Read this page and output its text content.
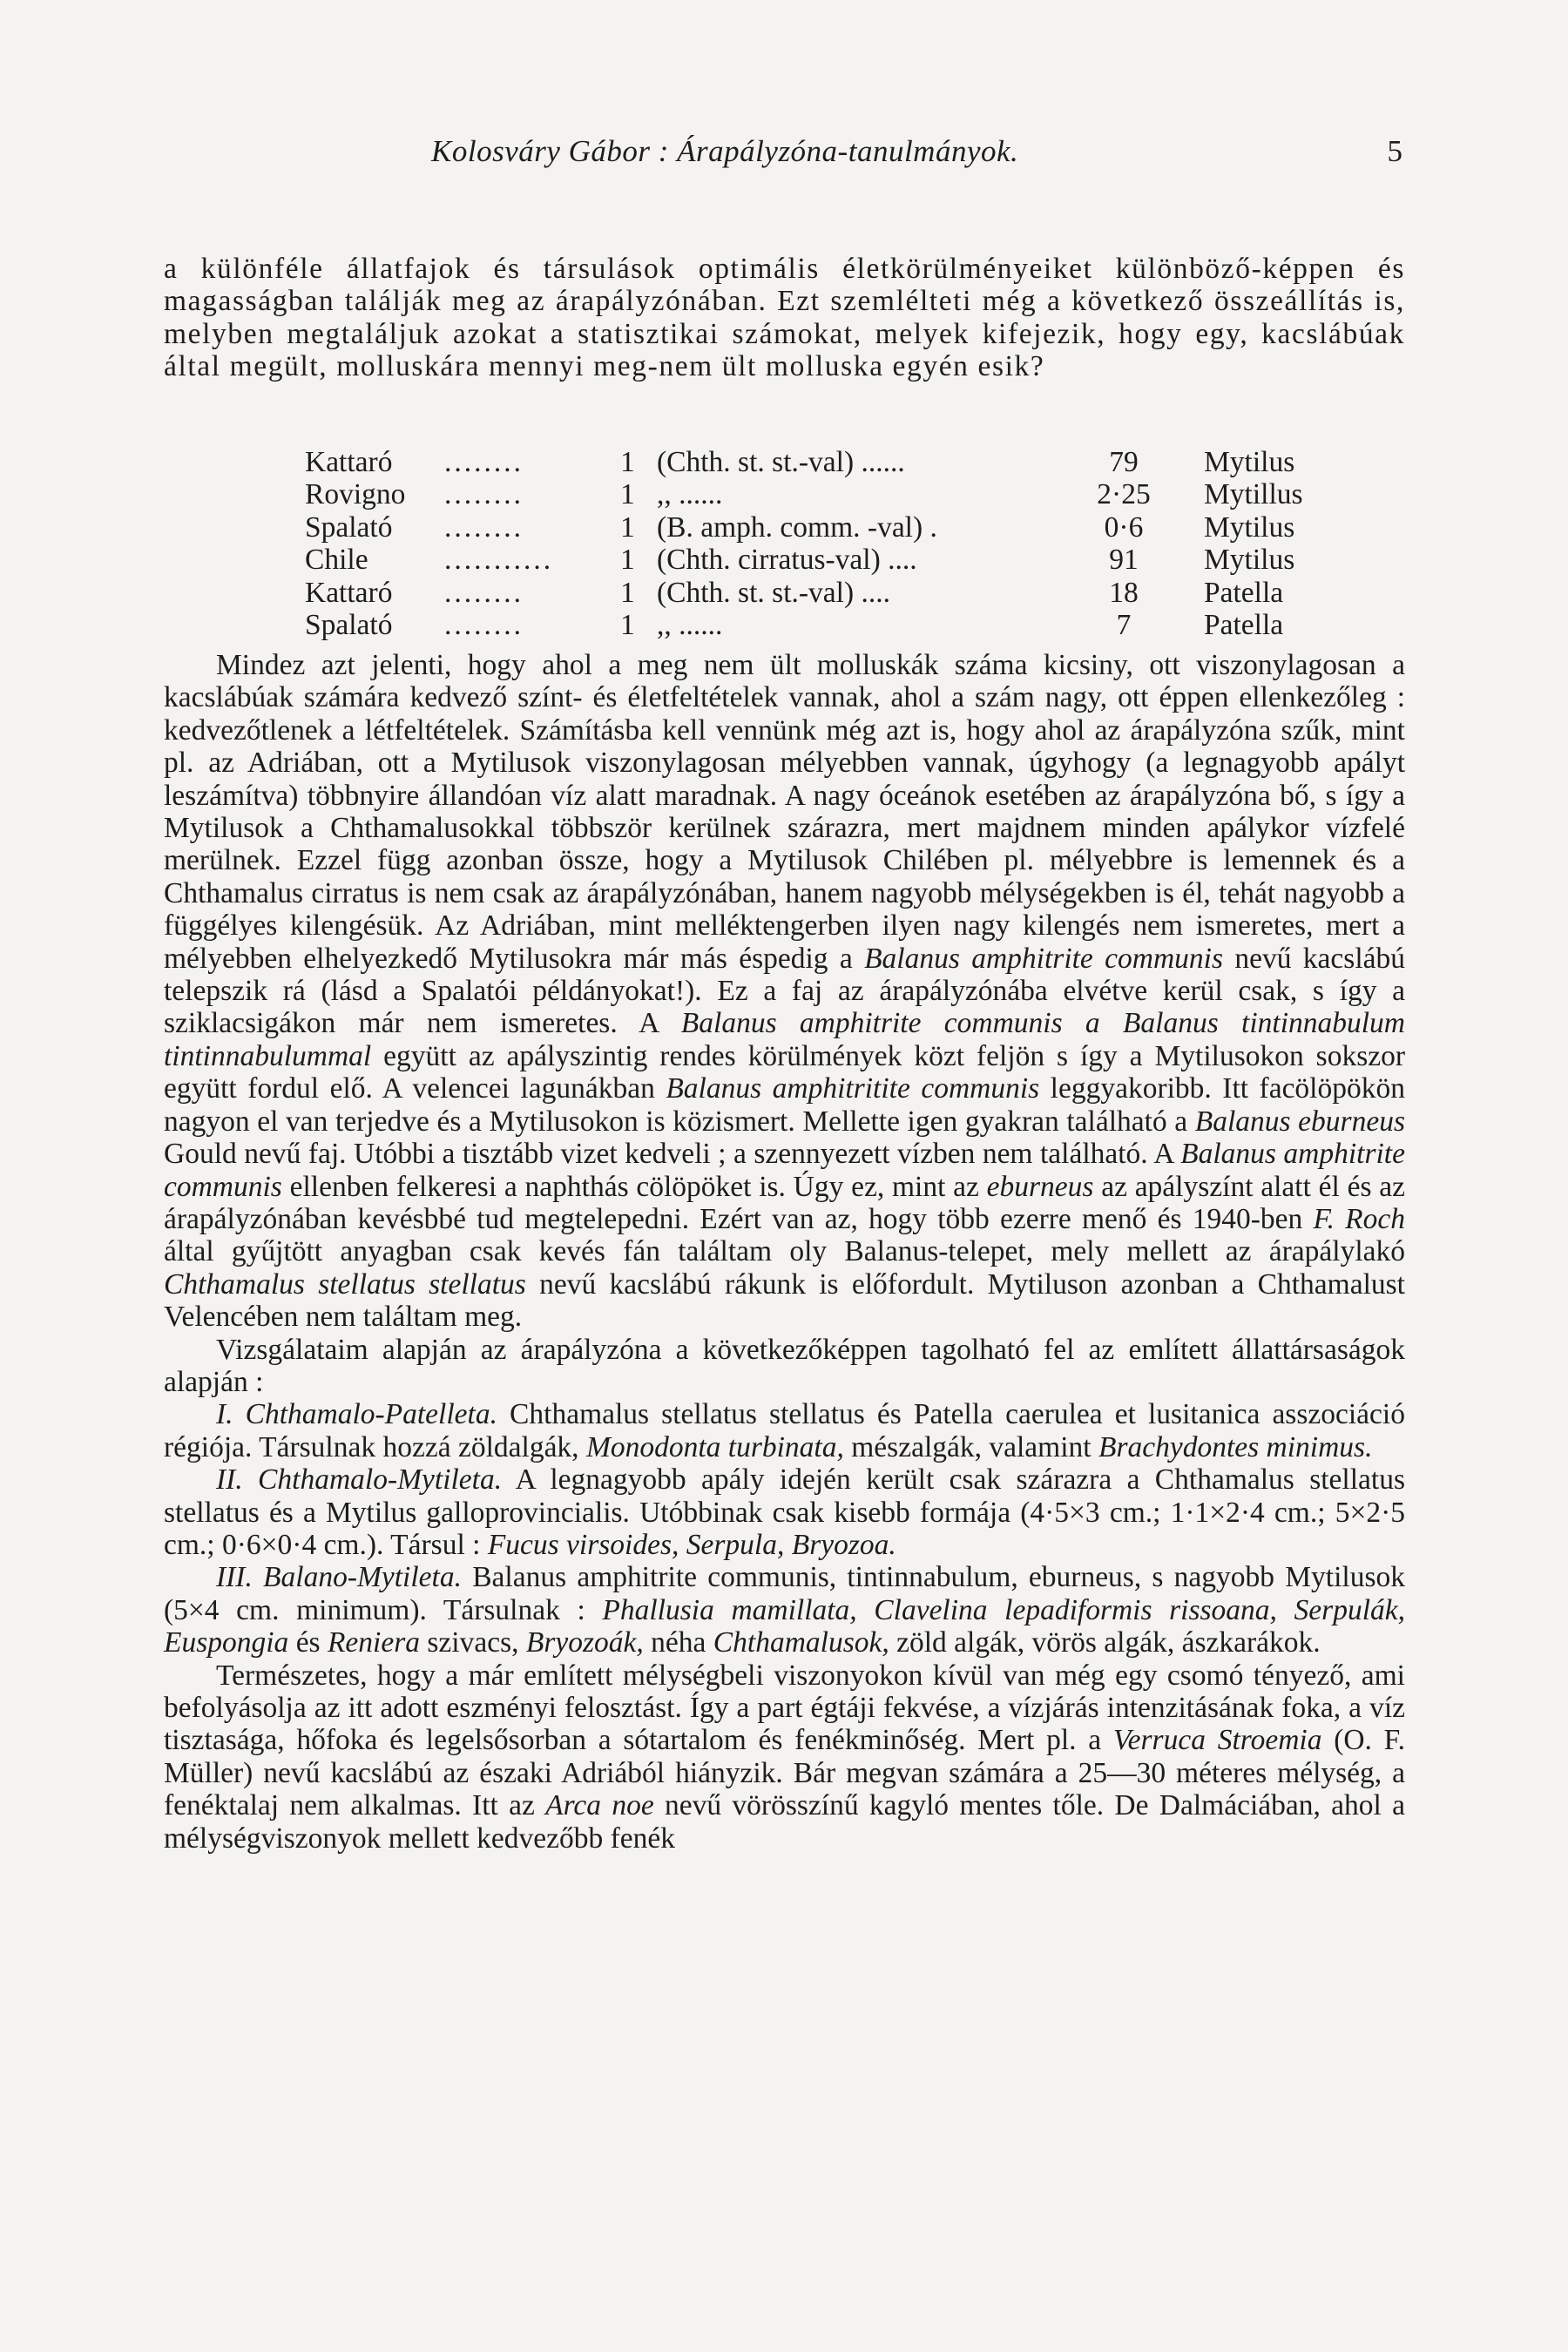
Kolosváry Gábor : Árapályzóna-tanulmányok.	5

a különféle állatfajok és társulások optimális életkörülményeiket különböző-képpen és magasságban találják meg az árapályzónában. Ezt szemlélteti még a következő összeállítás is, melyben megtaláljuk azokat a statisztikai számokat, melyek kifejezik, hogy egy, kacslábúak által megült, molluskára mennyi meg-nem ült molluska egyén esik?

Kattaró ........	1 (Chth. st. st.-val) ......	79	Mytilus
Rovigno ........	1 ,, ......	2·25	Mytillus
Spalató ........	1 (B. amph. comm. -val) .	0·6	Mytilus
Chile	...........	1 (Chth. cirratus-val) ....	91	Mytilus
Kattaró ........	1 (Chth. st. st.-val) ....	18	Patella
Spalató ........	1 ,, ......	7	Patella

Mindez azt jelenti, hogy ahol a meg nem ült molluskák száma kicsiny, ott viszonylagosan a kacslábúak számára kedvező színt- és életfeltételek vannak, ahol a szám nagy, ott éppen ellenkezőleg : kedvezőtlenek a létfeltételek. Számításba kell vennünk még azt is, hogy ahol az árapályzóna szűk, mint pl. az Adriában, ott a Mytilusok viszonylagosan mélyebben vannak, úgyhogy (a legnagyobb apályt leszámítva) többnyire állandóan víz alatt maradnak. A nagy óceánok esetében az árapályzóna bő, s így a Mytilusok a Chthamalusokkal többször kerülnek szárazra, mert majdnem minden apálykor vízfelé merülnek. Ezzel függ azonban össze, hogy a Mytilusok Chilében pl. mélyebbre is lemennek és a Chthamalus cirratus is nem csak az árapályzónában, hanem nagyobb mélységekben is él, tehát nagyobb a függélyes kilengésük. Az Adriában, mint melléktengerben ilyen nagy kilengés nem ismeretes, mert a mélyebben elhelyezkedő Mytilusokra már más éspedig a Balanus amphitrite communis nevű kacslábú telepszik rá (lásd a Spalatói példányokat!). Ez a faj az árapályzónába elvétve kerül csak, s így a sziklacsigákon már nem ismeretes. A Balanus amphitrite communis a Balanus tintinnabulum tintinnabulummal együtt az apályszintig rendes körülmények közt feljön s így a Mytilusokon sokszor együtt fordul elő. A velencei lagunákban Balanus amphitritite communis leggyakoribb. Itt facölöpökön nagyon el van terjedve és a Mytilusokon is közismert. Mellette igen gyakran található a Balanus eburneus Gould nevű faj. Utóbbi a tisztább vizet kedveli ; a szennyezett vízben nem található. A Balanus amphitrite communis ellenben felkeresi a naphthás cölöpöket is. Úgy ez, mint az eburneus az apályszínt alatt él és az árapályzónában kevésbbé tud megtelepedni. Ezért van az, hogy több ezerre menő és 1940-ben F. Roch által gyűjtött anyagban csak kevés fán találtam oly Balanus-telepet, mely mellett az árapálylakó Chthamalus stellatus stellatus nevű kacslábú rákunk is előfordult. Mytiluson azonban a Chthamalust Velencében nem találtam meg.

Vizsgálataim alapján az árapályzóna a következőképpen tagolható fel az említett állattársaságok alapján :

I. Chthamalo-Patelleta. Chthamalus stellatus stellatus és Patella caerulea et lusitanica asszociáció régiója. Társulnak hozzá zöldalgák, Monodonta turbinata, mészalgák, valamint Brachydontes minimus.

II. Chthamalo-Mytileta. A legnagyobb apály idején került csak szárazra a Chthamalus stellatus stellatus és a Mytilus galloprovincialis. Utóbbinak csak kisebb formája (4·5×3 cm.; 1·1×2·4 cm.; 5×2·5 cm.; 0·6×0·4 cm.). Társul : Fucus virsoides, Serpula, Bryozoa.

III. Balano-Mytileta. Balanus amphitrite communis, tintinnabulum, eburneus, s nagyobb Mytilusok (5×4 cm. minimum). Társulnak : Phallusia mamillata, Clavelina lepadiformis rissoana, Serpulák, Euspongia és Reniera szivacs, Bryozoák, néha Chthamalusok, zöld algák, vörös algák, ászkarákok.

Természetes, hogy a már említett mélységbeli viszonyokon kívül van még egy csomó tényező, ami befolyásolja az itt adott eszményi felosztást. Így a part égtáji fekvése, a vízjárás intenzitásának foka, a víz tisztasága, hőfoka és legelsősorban a sótartalom és fenékminőség. Mert pl. a Verruca Stroemia (O. F. Müller) nevű kacslábú az északi Adriából hiányzik. Bár megvan számára a 25—30 méteres mélység, a fenéktalaj nem alkalmas. Itt az Arca noe nevű vörösszínű kagyló mentes tőle. De Dalmáciában, ahol a mélységviszonyok mellett kedvezőbb fenék
